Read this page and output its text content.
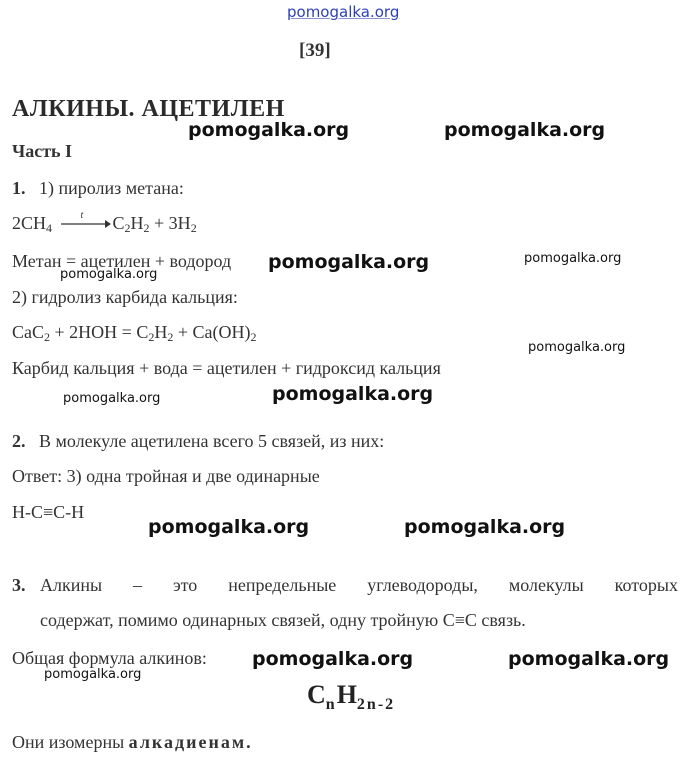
pomogalka.org
[39]
АЛКИНЫ. АЦЕТИЛЕН
Часть I
1. 1) пиролиз метана:
$2CH_4$
t $C_2H_2 + 3H_2$
Метан = ацетилен + водород
2) гидролиз карбида кальция:
$CaC_2 + 2HOH = C_2H_2 + Ca(OH)_2$
Карбид кальция + вода = ацетилен + гидроксид кальция
2. В молекуле ацетилена всего 5 связей, из них:
Ответ: 3) одна тройная и две одинарные
H-C≡C-H
3. Алкины – это непредельные углеводороды, молекулы которых
содержат, помимо одинарных связей, одну тройную C≡C связь.
Общая формула алкинов:
$C_nH_{2n-2}$
Они изомерны алкадиенам.
pomogalka.org	pomogalka.org
pomogalka.org	pomogalka.org
pomogalka.org
pomogalka.org
pomogalka.org
pomogalka.org
pomogalka.org	pomogalka.org
pomogalka.org	pomogalka.org
pomogalka.org
